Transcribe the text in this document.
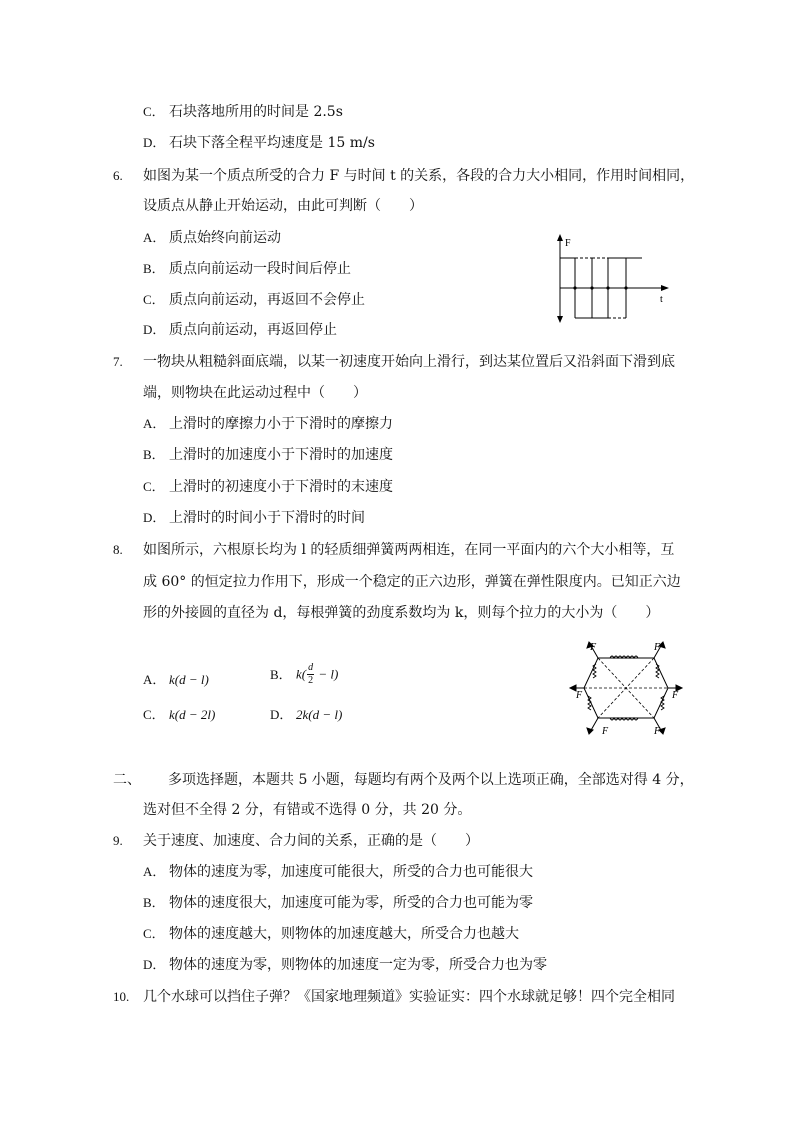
C． 石块落地所用的时间是 2.5s
D． 石块下落全程平均速度是 15 m/s
6. 如图为某一个质点所受的合力 F 与时间 t 的关系，各段的合力大小相同，作用时间相同，
设质点从静止开始运动，由此可判断（　　）
A． 质点始终向前运动
B． 质点向前运动一段时间后停止
C． 质点向前运动，再返回不会停止
D． 质点向前运动，再返回停止
F
t
7. 一物块从粗糙斜面底端，以某一初速度开始向上滑行，到达某位置后又沿斜面下滑到底
端，则物块在此运动过程中（　　）
A． 上滑时的摩擦力小于下滑时的摩擦力
B． 上滑时的加速度小于下滑时的加速度
C． 上滑时的初速度小于下滑时的末速度
D． 上滑时的时间小于下滑时的时间
8. 如图所示，六根原长均为 l 的轻质细弹簧两两相连，在同一平面内的六个大小相等，互
成 60° 的恒定拉力作用下，形成一个稳定的正六边形，弹簧在弹性限度内。已知正六边
形的外接圆的直径为 d，每根弹簧的劲度系数均为 k，则每个拉力的大小为（　　）
A． k(d − l)	B． $k( \frac{d}{2} - l)$
C． k(d − 2l)	D． 2k(d − l)
F	F
F	F
F	F
二、 多项选择题，本题共 5 小题，每题均有两个及两个以上选项正确，全部选对得 4 分，
选对但不全得 2 分，有错或不选得 0 分，共 20 分。
9. 关于速度、加速度、合力间的关系，正确的是（　　）
A． 物体的速度为零，加速度可能很大，所受的合力也可能很大
B． 物体的速度很大，加速度可能为零，所受的合力也可能为零
C． 物体的速度越大，则物体的加速度越大，所受合力也越大
D． 物体的速度为零，则物体的加速度一定为零，所受合力也为零
10. 几个水球可以挡住子弹？《国家地理频道》实验证实：四个水球就足够！四个完全相同
